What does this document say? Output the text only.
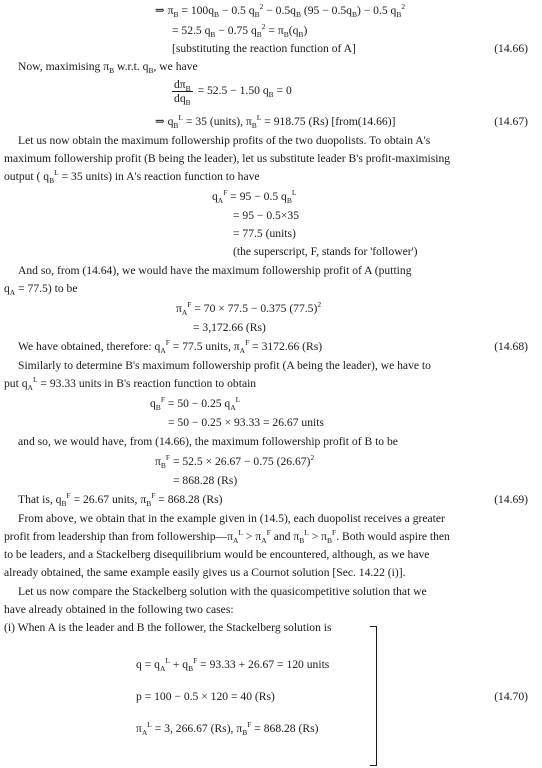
⇒ πB = 100qB − 0.5 qB2 − 0.5qB (95 − 0.5qB) − 0.5 qB2
= 52.5 qB − 0.75 qB2 = πB(qB)
[substituting the reaction function of A]	(14.66)
Now, maximising πB w.r.t. qB, we have
$\frac{\text{dπB}}{\text{dqB}} = 52.5 - 1.50$ qB = 0
⇒ qBL = 35 (units), πBL = 918.75 (Rs) [from(14.66)]	(14.67)
Let us now obtain the maximum followership profits of the two duopolists. To obtain A's
maximum followership profit (B being the leader), let us substitute leader B's profit-maximising
output ( qBL = 35 units) in A's reaction function to have
qAF = 95 − 0.5 qBL
= 95 − 0.5×35
= 77.5 (units)
(the superscript, F, stands for 'follower')
And so, from (14.64), we would have the maximum followership profit of A (putting
qA = 77.5) to be
πAF = 70 × 77.5 − 0.375 (77.5)2
= 3,172.66 (Rs)
We have obtained, therefore: qAF = 77.5 units, πAF = 3172.66 (Rs)	(14.68)
Similarly to determine B's maximum followership profit (A being the leader), we have to
put qAL = 93.33 units in B's reaction function to obtain
qBF = 50 − 0.25 qAL
= 50 − 0.25 × 93.33 = 26.67 units
and so, we would have, from (14.66), the maximum followership profit of B to be
πBF = 52.5 × 26.67 − 0.75 (26.67)2
= 868.28 (Rs)
That is, qBF = 26.67 units, πBF = 868.28 (Rs)	(14.69)
From above, we obtain that in the example given in (14.5), each duopolist receives a greater
profit from leadership than from followership—πAL > πAF and πBL > πBF. Both would aspire then
to be leaders, and a Stackelberg disequilibrium would be encountered, although, as we have
already obtained, the same example easily gives us a Cournot solution [Sec. 14.22 (i)].
Let us now compare the Stackelberg solution with the quasicompetitive solution that we
have already obtained in the following two cases:
(i) When A is the leader and B the follower, the Stackelberg solution is
q = qAL + qBF = 93.33 + 26.67 = 120 units
p = 100 − 0.5 × 120 = 40 (Rs)
πAL = 3, 266.67 (Rs), πBF = 868.28 (Rs)
(14.70)
